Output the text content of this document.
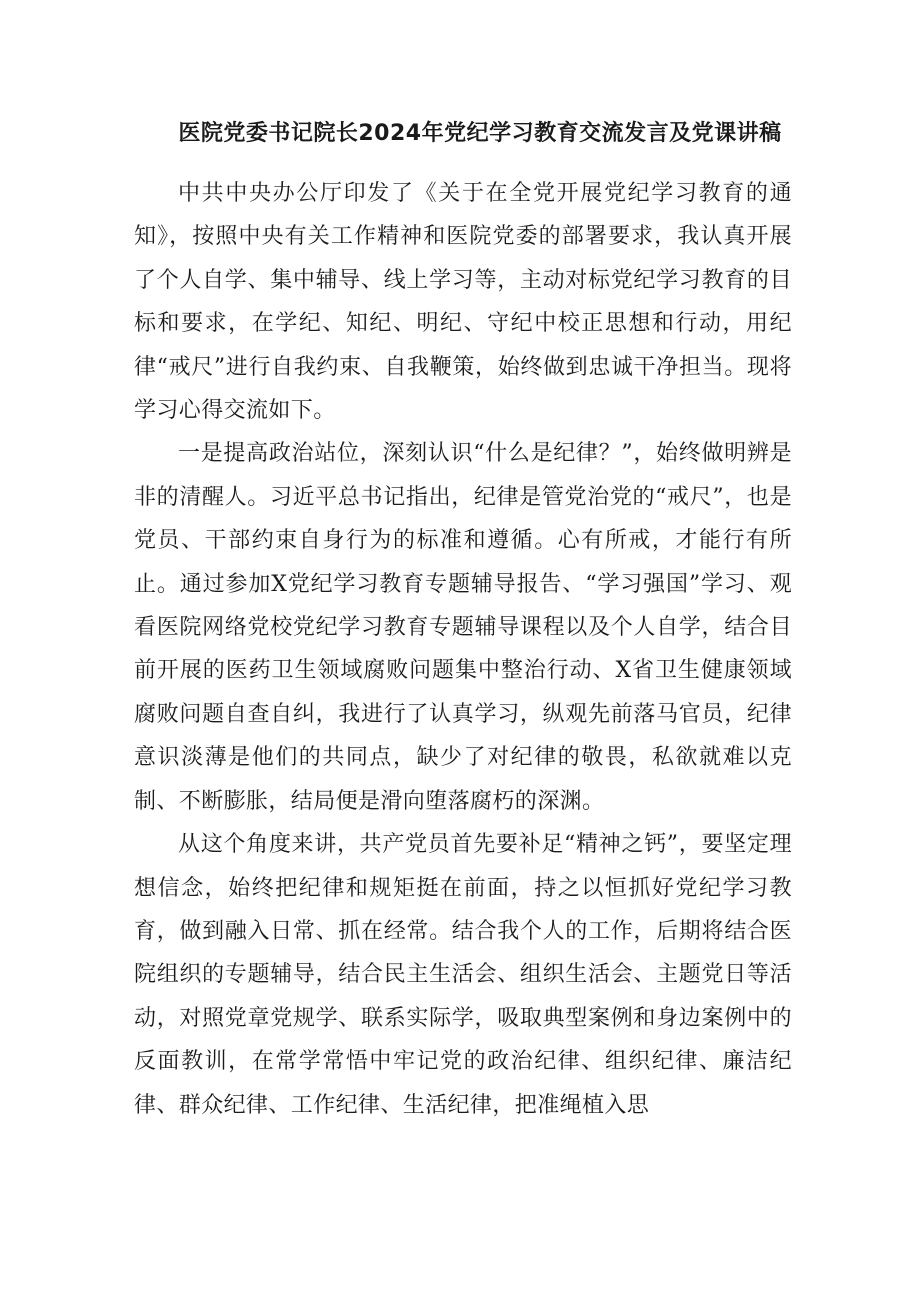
医院党委书记院长2024年党纪学习教育交流发言及党课讲稿

中共中央办公厅印发了《关于在全党开展党纪学习教育的通知》，按照中央有关工作精神和医院党委的部署要求，我认真开展了个人自学、集中辅导、线上学习等，主动对标党纪学习教育的目标和要求，在学纪、知纪、明纪、守纪中校正思想和行动，用纪律“戒尺”进行自我约束、自我鞭策，始终做到忠诚干净担当。现将学习心得交流如下。

一是提高政治站位，深刻认识“什么是纪律？”，始终做明辨是非的清醒人。习近平总书记指出，纪律是管党治党的“戒尺”，也是党员、干部约束自身行为的标准和遵循。心有所戒，才能行有所止。通过参加X党纪学习教育专题辅导报告、“学习强国”学习、观看医院网络党校党纪学习教育专题辅导课程以及个人自学，结合目前开展的医药卫生领域腐败问题集中整治行动、X省卫生健康领域腐败问题自查自纠，我进行了认真学习，纵观先前落马官员，纪律意识淡薄是他们的共同点，缺少了对纪律的敬畏，私欲就难以克制、不断膨胀，结局便是滑向堕落腐朽的深渊。

从这个角度来讲，共产党员首先要补足“精神之钙”，要坚定理想信念，始终把纪律和规矩挺在前面，持之以恒抓好党纪学习教育，做到融入日常、抓在经常。结合我个人的工作，后期将结合医院组织的专题辅导，结合民主生活会、组织生活会、主题党日等活动，对照党章党规学、联系实际学，吸取典型案例和身边案例中的反面教训，在常学常悟中牢记党的政治纪律、组织纪律、廉洁纪律、群众纪律、工作纪律、生活纪律，把准绳植入思
